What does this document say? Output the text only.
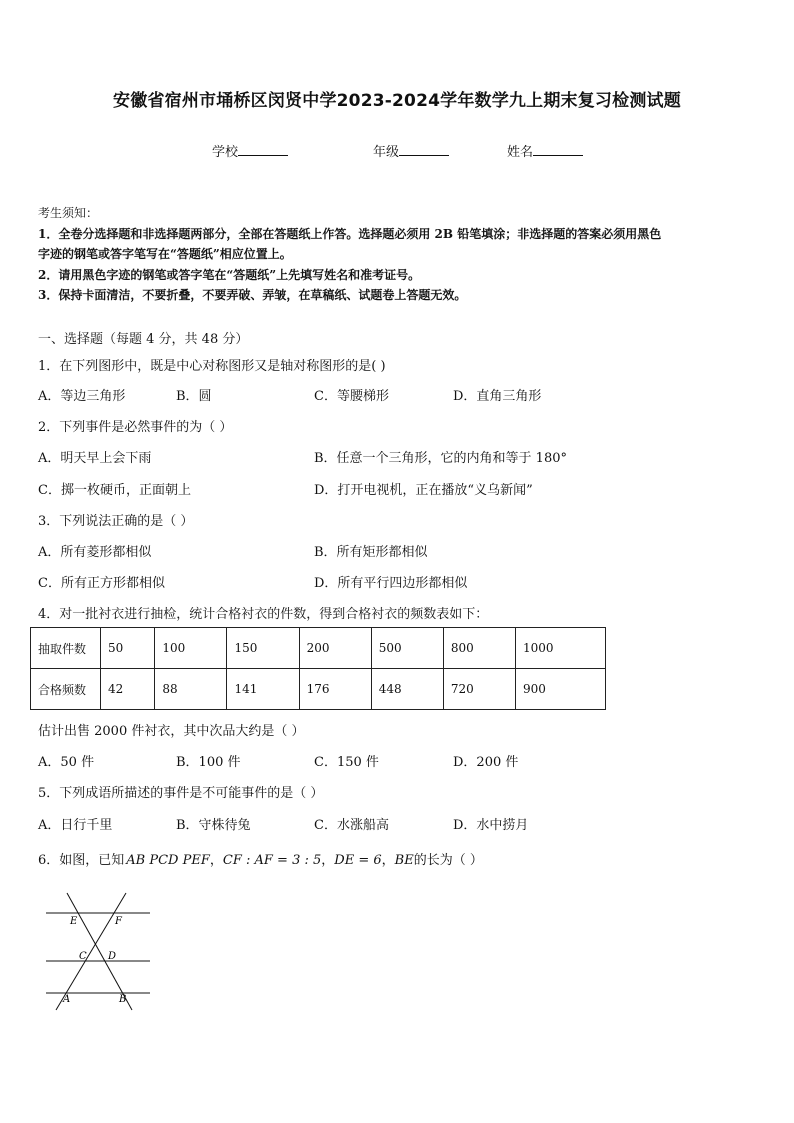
安徽省宿州市埇桥区闵贤中学2023-2024学年数学九上期末复习检测试题
学校	年级	姓名
考生须知：
1．全卷分选择题和非选择题两部分，全部在答题纸上作答。选择题必须用 2B 铅笔填涂；非选择题的答案必须用黑色
字迹的钢笔或答字笔写在“答题纸”相应位置上。
2．请用黑色字迹的钢笔或答字笔在“答题纸”上先填写姓名和准考证号。
3．保持卡面清洁，不要折叠，不要弄破、弄皱，在草稿纸、试题卷上答题无效。
一、选择题（每题 4 分，共 48 分）
1．在下列图形中，既是中心对称图形又是轴对称图形的是( )
A．等边三角形	B．圆	C．等腰梯形	D．直角三角形
2．下列事件是必然事件的为（ ）
A．明天早上会下雨	B．任意一个三角形，它的内角和等于 180°
C．掷一枚硬币，正面朝上	D．打开电视机，正在播放“义乌新闻”
3．下列说法正确的是（ ）
A．所有菱形都相似	B．所有矩形都相似
C．所有正方形都相似	D．所有平行四边形都相似
4．对一批衬衣进行抽检，统计合格衬衣的件数，得到合格衬衣的频数表如下：
抽取件数	50	100	150	200	500	800	1000
合格频数	42	88	141	176	448	720	900
估计出售 2000 件衬衣，其中次品大约是（ ）
A．50 件	B．100 件	C．150 件	D．200 件
5．下列成语所描述的事件是不可能事件的是（ ）
A．日行千里	B．守株待兔	C．水涨船高	D．水中捞月
6．如图，已知 AB PCD PEF，CF : AF = 3 : 5，DE = 6，BE的长为（ ）
E	F
C D
A	B
